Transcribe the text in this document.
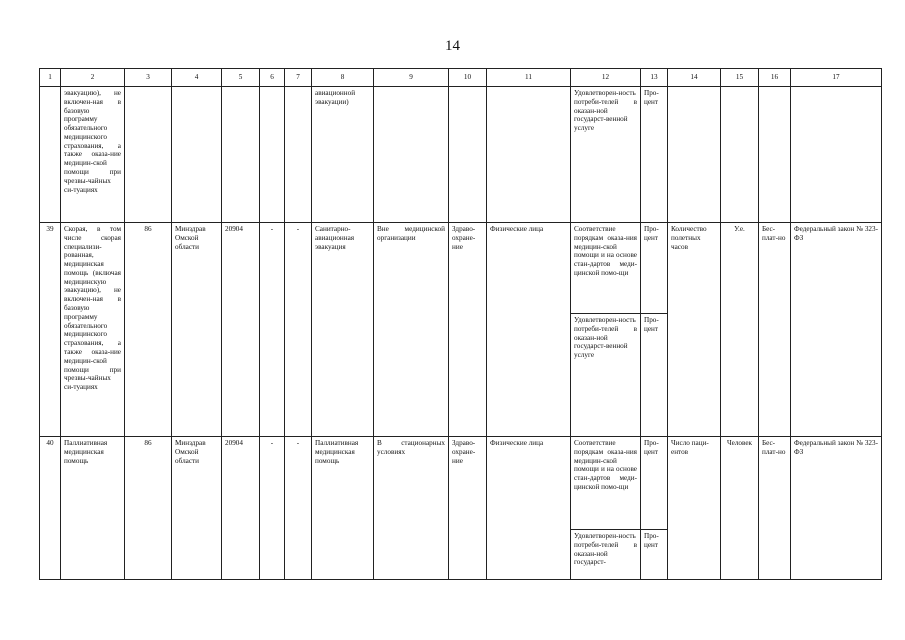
14
1	2	3	4	5	6	7	8	9	10	11	12	13	14	15	16	17
	эвакуацию), не включен-ная в базовую программу обязательного медицинского страхования, а также оказа-ние медицин-ской помощи при чрезвы-чайных си-туациях						авиационной эвакуации)				Удовлетворен-ность потреби-телей в оказан-ной государст-венной услуге	Про-цент				
39	Скорая, в том числе скорая специализи-рованная, медицинская помощь (включая медицинскую эвакуацию), не включен-ная в базовую программу обязательного медицинского страхования, а также оказа-ние медицин-ской помощи при чрезвы-чайных си-туациях	86	Минздрав Омской области	20904	-	-	Санитарно-авиационная эвакуация	Вне медицинской организации	Здраво-охране-ние	Физические лица	Соответствие порядкам оказа-ния медицин-ской помощи и на основе стан-дартов меди-цинской помо-щи	Про-цент	Количество полетных часов	У.е.	Бес-плат-но	Федеральный закон № 323-ФЗ
											Удовлетворен-ность потреби-телей в оказан-ной государст-венной услуге	Про-цент				
40	Паллиативная медицинская помощь	86	Минздрав Омской области	20904	-	-	Паллиативная медицинская помощь	В стационарных условиях	Здраво-охране-ние	Физические лица	Соответствие порядкам оказа-ния медицин-ской помощи и на основе стан-дартов меди-цинской помо-щи	Про-цент	Число паци-ентов	Человек	Бес-плат-но	Федеральный закон № 323-ФЗ
											Удовлетворен-ность потреби-телей в оказан-ной государст-	Про-цент				
